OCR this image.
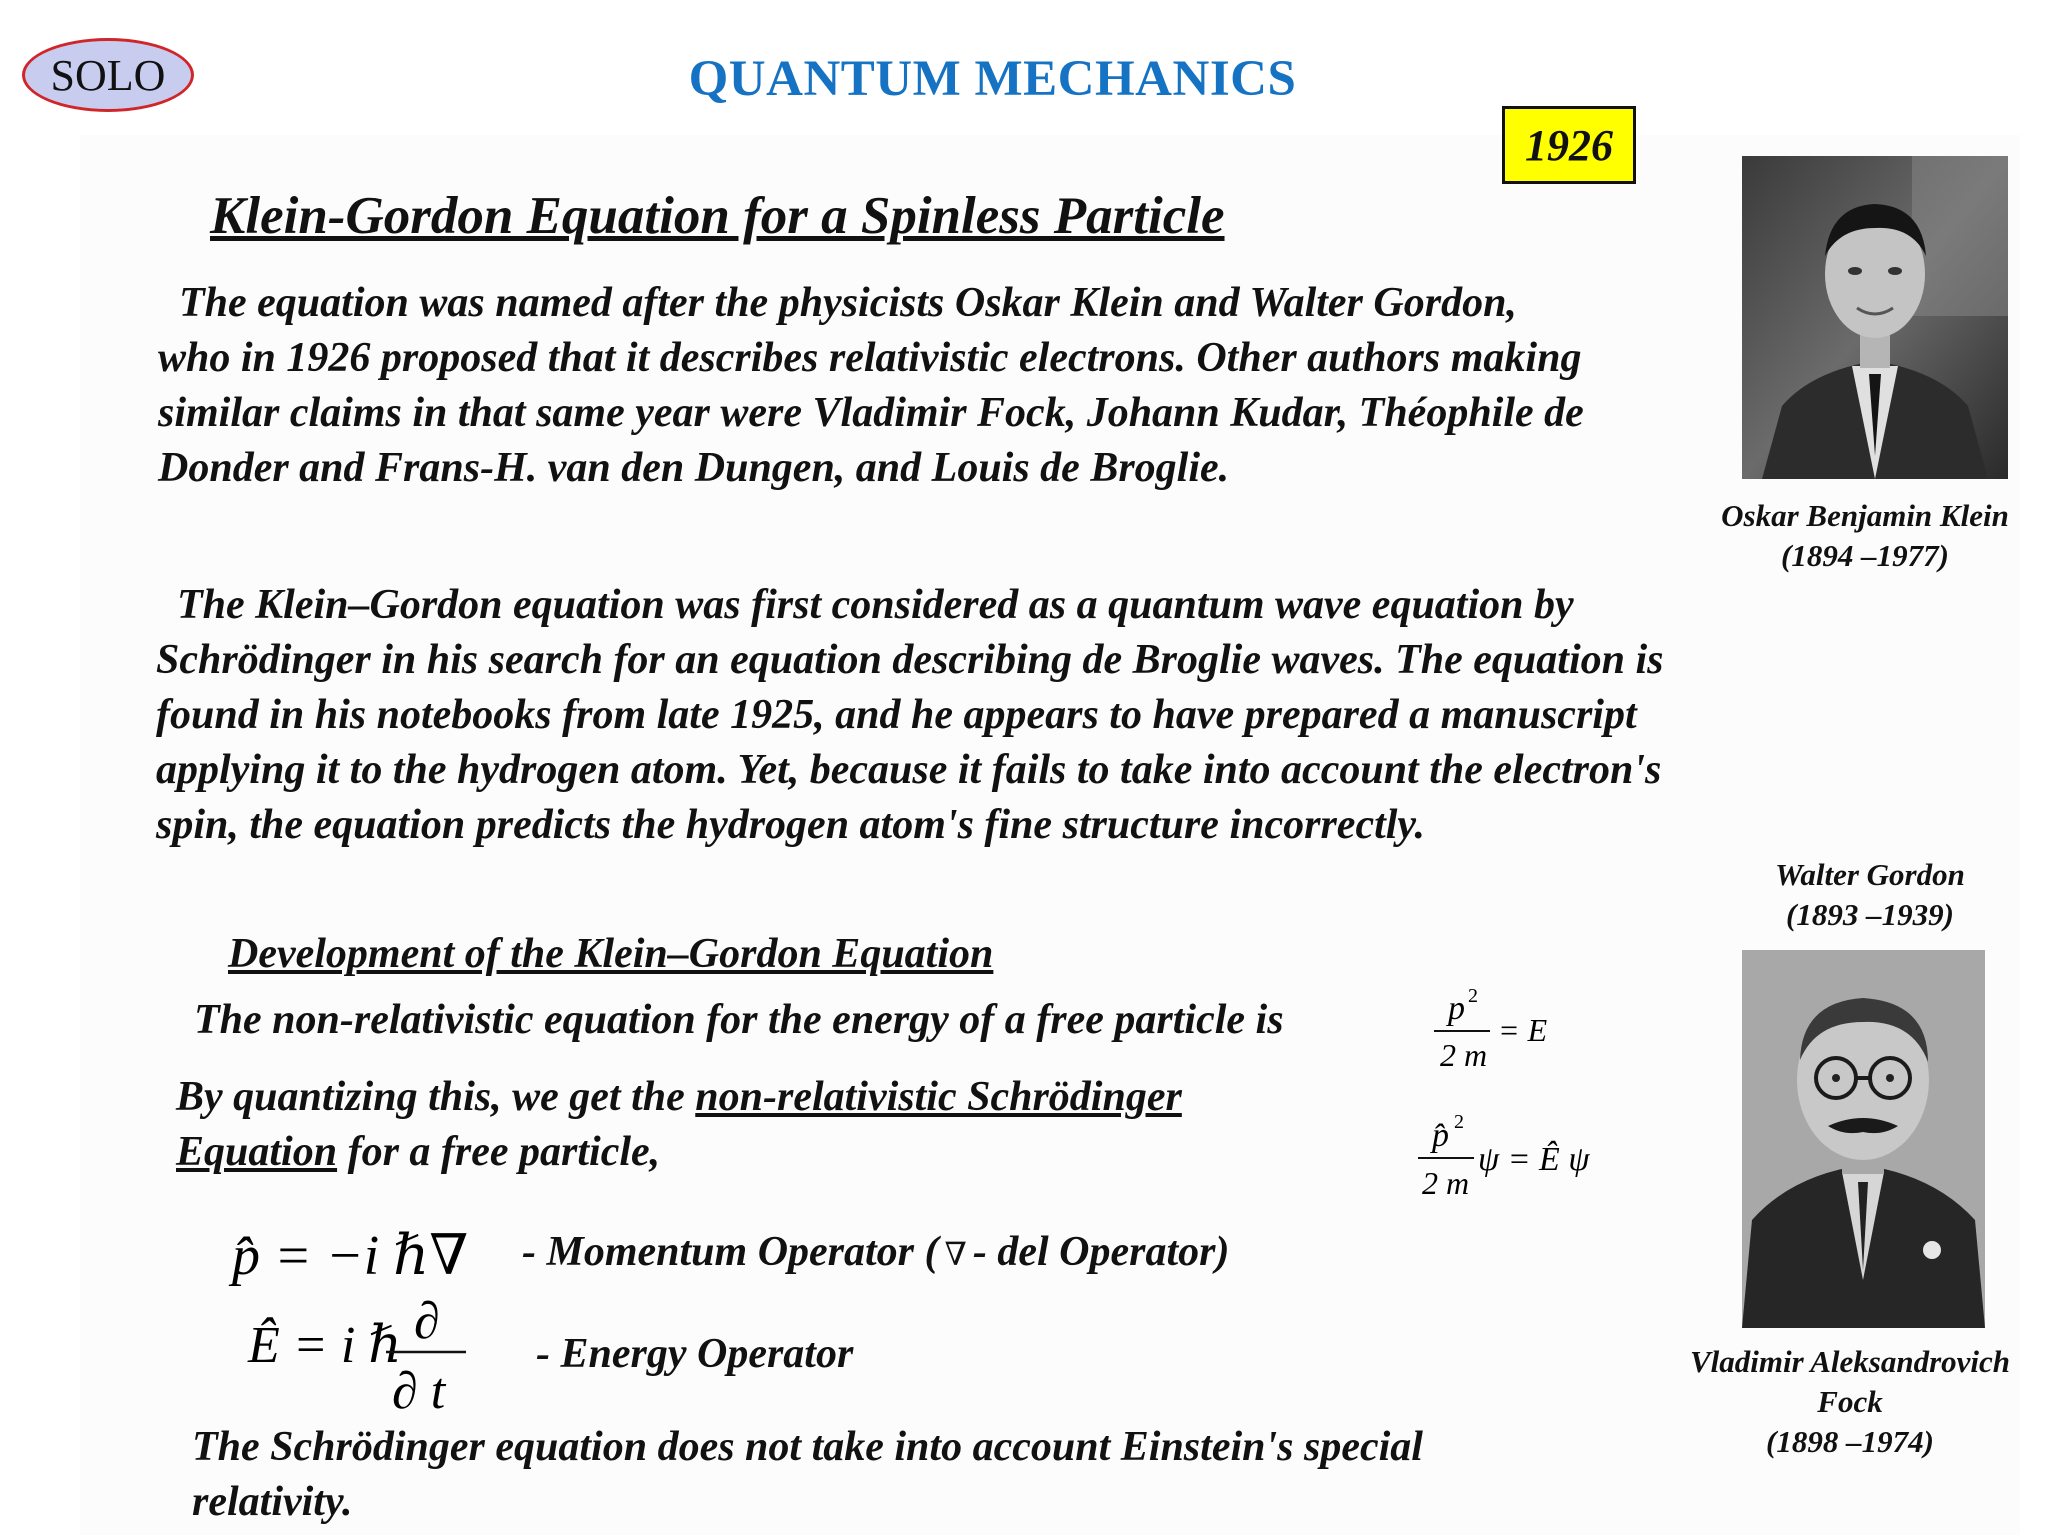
SOLO	QUANTUM MECHANICS
1926
Klein-Gordon Equation for a Spinless Particle

The equation was named after the physicists Oskar Klein and Walter Gordon, who in 1926 proposed that it describes relativistic electrons. Other authors making similar claims in that same year were Vladimir Fock, Johann Kudar, Théophile de Donder and Frans-H. van den Dungen, and Louis de Broglie.

The Klein–Gordon equation was first considered as a quantum wave equation by Schrödinger in his search for an equation describing de Broglie waves. The equation is found in his notebooks from late 1925, and he appears to have prepared a manuscript applying it to the hydrogen atom. Yet, because it fails to take into account the electron's spin, the equation predicts the hydrogen atom's fine structure incorrectly.

Development of the Klein–Gordon Equation
The non-relativistic equation for the energy of a free particle is
By quantizing this, we get the non-relativistic Schrödinger Equation for a free particle,
p 2
2 m
= E
p̂ 2
2 m
ψ = Ê ψ
p̂ = −i ℏ∇ - Momentum Operator ( ∇ - del Operator)
Ê = i ℏ ∂
∂ t
- Energy Operator
The Schrödinger equation does not take into account Einstein's special relativity.
Oskar Benjamin Klein
(1894 –1977)
Walter Gordon
(1893 –1939)
Vladimir Aleksandrovich
Fock
(1898 –1974)
